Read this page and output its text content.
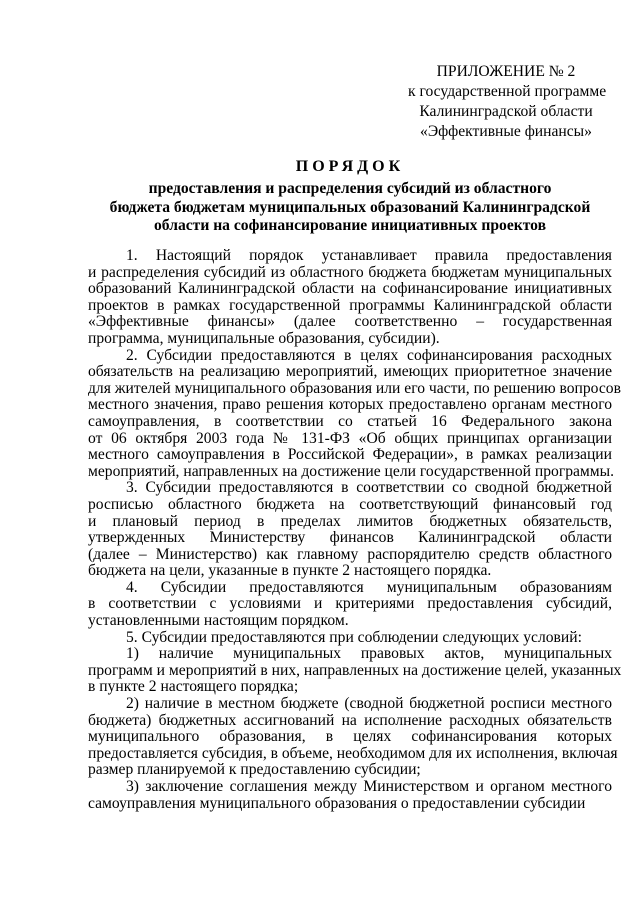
ПРИЛОЖЕНИЕ № 2
к государственной программе
Калининградской области
«Эффективные финансы»
ПОРЯДОК
предоставления и распределения субсидий из областного
бюджета бюджетам муниципальных образований Калининградской
области на софинансирование инициативных проектов
1. Настоящий порядок устанавливает правила предоставления
и распределения субсидий из областного бюджета бюджетам муниципальных
образований Калининградской области на софинансирование инициативных
проектов в рамках государственной программы Калининградской области
«Эффективные финансы» (далее соответственно – государственная
программа, муниципальные образования, субсидии).
2. Субсидии предоставляются в целях софинансирования расходных
обязательств на реализацию мероприятий, имеющих приоритетное значение
для жителей муниципального образования или его части, по решению вопросов
местного значения, право решения которых предоставлено органам местного
самоуправления, в соответствии со статьей 16 Федерального закона
от 06 октября 2003 года № 131-ФЗ «Об общих принципах организации
местного самоуправления в Российской Федерации», в рамках реализации
мероприятий, направленных на достижение цели государственной программы.
3. Субсидии предоставляются в соответствии со сводной бюджетной
росписью областного бюджета на соответствующий финансовый год
и плановый период в пределах лимитов бюджетных обязательств,
утвержденных Министерству финансов Калининградской области
(далее – Министерство) как главному распорядителю средств областного
бюджета на цели, указанные в пункте 2 настоящего порядка.
4. Субсидии предоставляются муниципальным образованиям
в соответствии с условиями и критериями предоставления субсидий,
установленными настоящим порядком.
5. Субсидии предоставляются при соблюдении следующих условий:
1) наличие муниципальных правовых актов, муниципальных
программ и мероприятий в них, направленных на достижение целей, указанных
в пункте 2 настоящего порядка;
2) наличие в местном бюджете (сводной бюджетной росписи местного
бюджета) бюджетных ассигнований на исполнение расходных обязательств
муниципального образования, в целях софинансирования которых
предоставляется субсидия, в объеме, необходимом для их исполнения, включая
размер планируемой к предоставлению субсидии;
3) заключение соглашения между Министерством и органом местного
самоуправления муниципального образования о предоставлении субсидии
